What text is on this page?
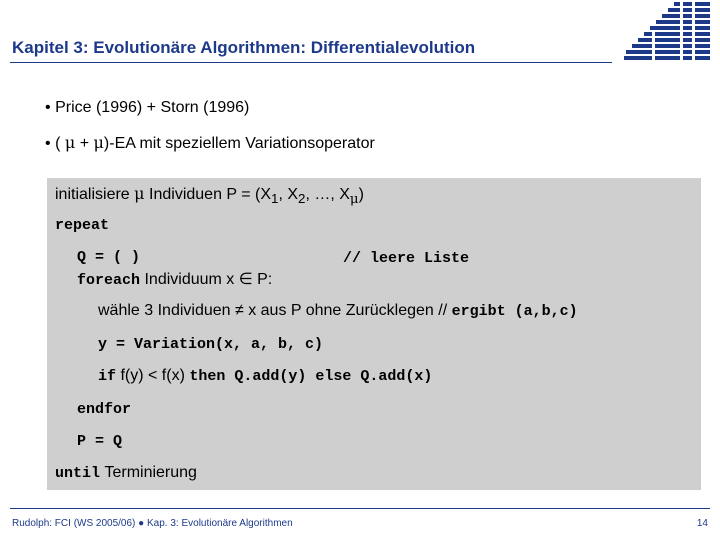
Kapitel 3: Evolutionäre Algorithmen: Differentialevolution
• Price (1996) + Storn (1996)
• ( μ + μ)-EA mit speziellem Variationsoperator
initialisiere μ Individuen $P = (X_1$, $X_2$, …, $X_\mu$)
repeat
Q = ( )	// leere Liste
foreach Individuum x ∈ P:
wähle 3 Individuen ≠ x aus P ohne Zurücklegen // ergibt (a,b,c)
y = Variation(x, a, b, c)
if f(y) < f(x) then Q.add(y) else Q.add(x)
endfor
P = Q
until Terminierung
Rudolph: FCI (WS 2005/06) ● Kap. 3: Evolutionäre Algorithmen	14
